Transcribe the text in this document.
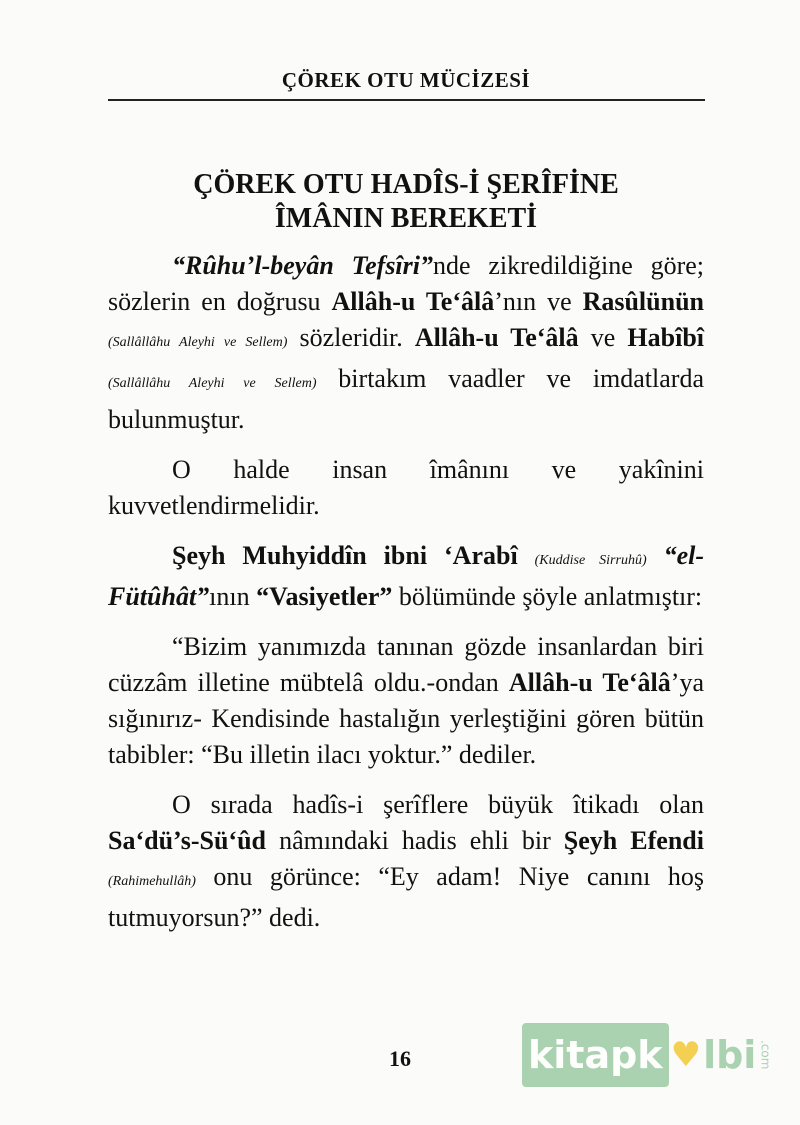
ÇÖREK OTU MÜCİZESİ
ÇÖREK OTU HADÎS-İ ŞERÎFİNE
ÎMÂNIN BEREKETİ

“Rûhu’l-beyân Tefsîri”nde zikredildiğine göre; sözlerin en doğrusu Allâh-u Te‘âlâ’nın ve Rasûlünün (Sallâllâhu Aleyhi ve Sellem) sözleridir. Allâh-u Te‘âlâ ve Habîbî (Sallâllâhu Aleyhi ve Sellem) birtakım vaadler ve imdatlarda bulunmuştur.

O halde insan îmânını ve yakînini kuvvetlendirmelidir.

Şeyh Muhyiddîn ibni ‘Arabî (Kuddise Sirruhû) “el-Fütûhât”ının “Vasiyetler” bölümünde şöyle anlatmıştır:

“Bizim yanımızda tanınan gözde insanlardan biri cüzzâm illetine mübtelâ oldu.-ondan Allâh-u Te‘âlâ’ya sığınırız- Kendisinde hastalığın yerleştiğini gören bütün tabibler: “Bu illetin ilacı yoktur.” dediler.

O sırada hadîs-i şerîflere büyük îtikadı olan Sa‘dü’s-Sü‘ûd nâmındaki hadis ehli bir Şeyh Efendi (Rahimehullâh) onu görünce: “Ey adam! Niye canını hoş tutmuyorsun?” dedi.

16	kitapk ♥ lbi .com
